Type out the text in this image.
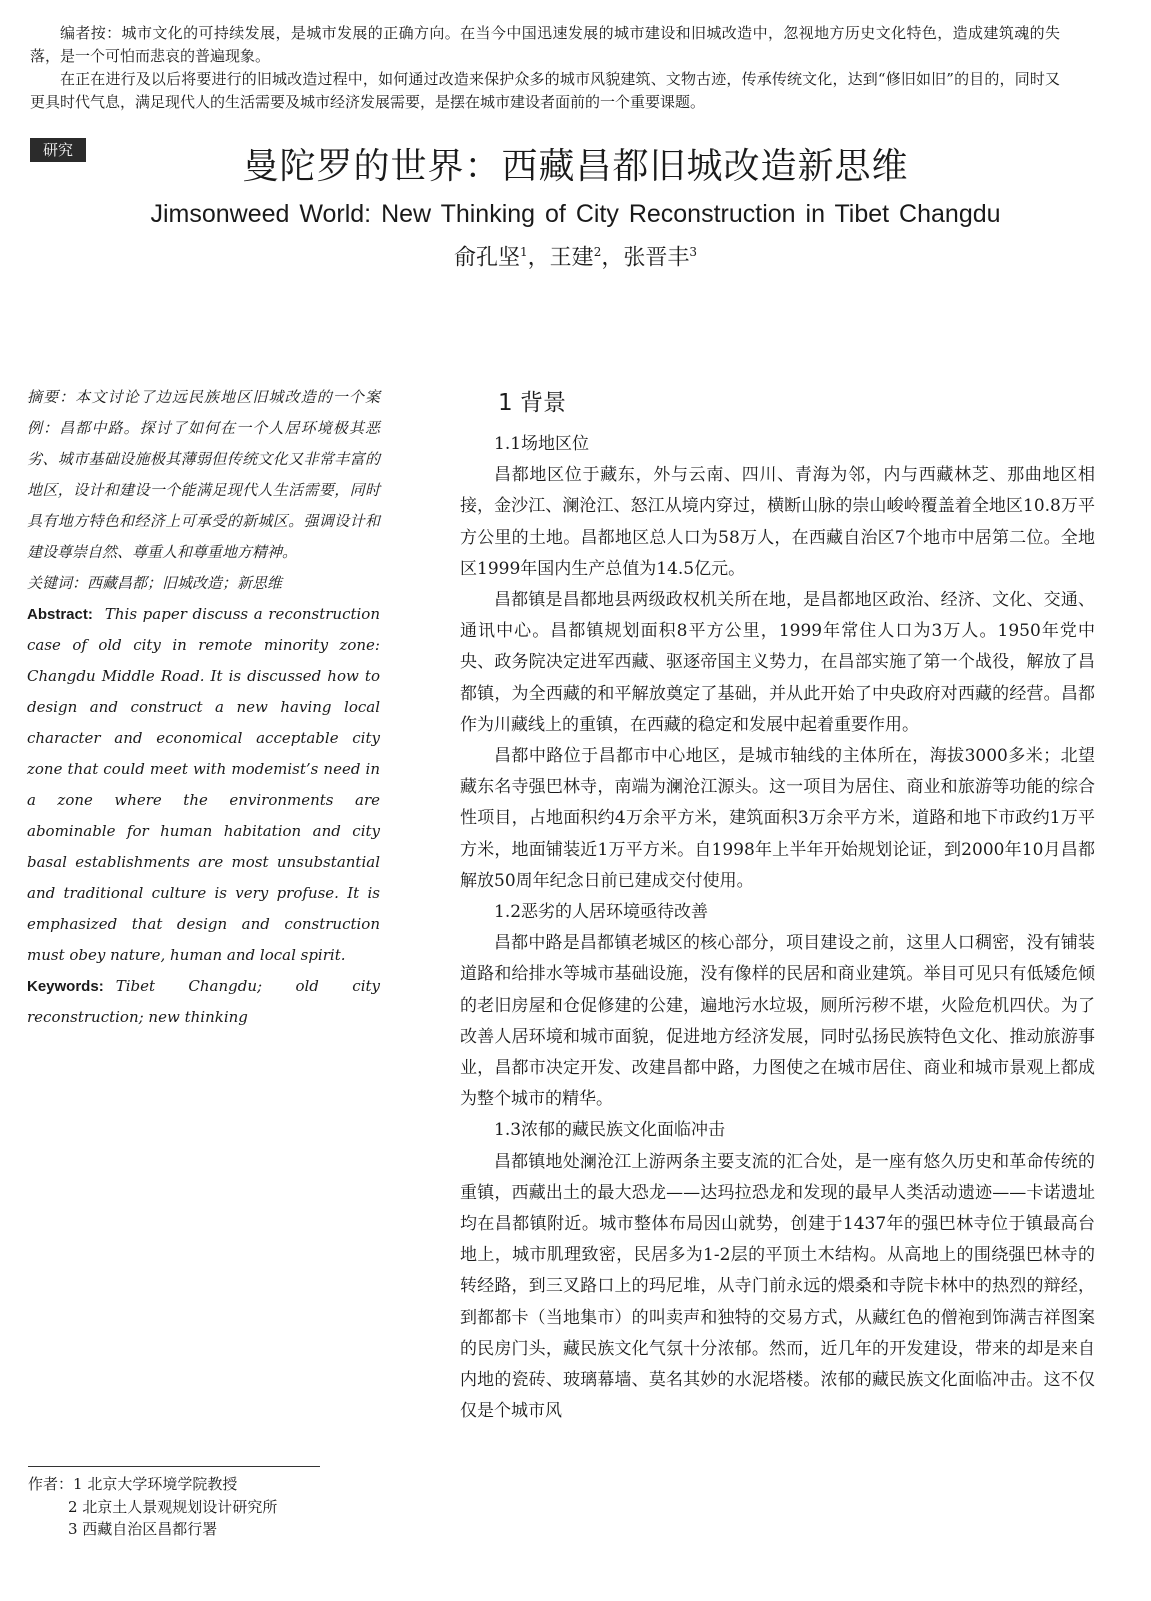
编者按：城市文化的可持续发展，是城市发展的正确方向。在当今中国迅速发展的城市建设和旧城改造中，忽视地方历史文化特色，造成建筑魂的失落，是一个可怕而悲哀的普遍现象。

在正在进行及以后将要进行的旧城改造过程中，如何通过改造来保护众多的城市风貌建筑、文物古迹，传承传统文化，达到“修旧如旧”的目的，同时又更具时代气息，满足现代人的生活需要及城市经济发展需要，是摆在城市建设者面前的一个重要课题。

研究	曼陀罗的世界：西藏昌都旧城改造新思维
Jimsonweed World: New Thinking of City Reconstruction in Tibet Changdu
俞孔坚$^1$，王建$^2$，张晋丰$^3$

摘要：本文讨论了边远民族地区旧城改造的一个案例：昌都中路。探讨了如何在一个人居环境极其恶劣、城市基础设施极其薄弱但传统文化又非常丰富的地区，设计和建设一个能满足现代人生活需要，同时具有地方特色和经济上可承受的新城区。强调设计和建设尊崇自然、尊重人和尊重地方精神。

关键词：西藏昌都；旧城改造；新思维

Abstract: This paper discuss a reconstruction case of old city in remote minority zone: Changdu Middle Road. It is discussed how to design and construct a new having local character and economical acceptable city zone that could meet with modemist’s need in a zone where the environments are abominable for human habitation and city basal establishments are most unsubstantial and traditional culture is very profuse. It is emphasized that design and construction must obey nature, human and local spirit.

Keywords: Tibet Changdu; old city reconstruction; new thinking

1 背景

1.1场地区位

昌都地区位于藏东，外与云南、四川、青海为邻，内与西藏林芝、那曲地区相接，金沙江、澜沧江、怒江从境内穿过，横断山脉的崇山峻岭覆盖着全地区10.8万平方公里的土地。昌都地区总人口为58万人，在西藏自治区7个地市中居第二位。全地区1999年国内生产总值为14.5亿元。

昌都镇是昌都地县两级政权机关所在地，是昌都地区政治、经济、文化、交通、通讯中心。昌都镇规划面积8平方公里，1999年常住人口为3万人。1950年党中央、政务院决定进军西藏、驱逐帝国主义势力，在昌部实施了第一个战役，解放了昌都镇，为全西藏的和平解放奠定了基础，并从此开始了中央政府对西藏的经营。昌都作为川藏线上的重镇，在西藏的稳定和发展中起着重要作用。

昌都中路位于昌都市中心地区，是城市轴线的主体所在，海拔3000多米；北望藏东名寺强巴林寺，南端为澜沧江源头。这一项目为居住、商业和旅游等功能的综合性项目，占地面积约4万余平方米，建筑面积3万余平方米，道路和地下市政约1万平方米，地面铺装近1万平方米。自1998年上半年开始规划论证，到2000年10月昌都解放50周年纪念日前已建成交付使用。

1.2恶劣的人居环境亟待改善

昌都中路是昌都镇老城区的核心部分，项目建设之前，这里人口稠密，没有铺装道路和给排水等城市基础设施，没有像样的民居和商业建筑。举目可见只有低矮危倾的老旧房屋和仓促修建的公建，遍地污水垃圾，厕所污秽不堪，火险危机四伏。为了改善人居环境和城市面貌，促进地方经济发展，同时弘扬民族特色文化、推动旅游事业，昌都市决定开发、改建昌都中路，力图使之在城市居住、商业和城市景观上都成为整个城市的精华。

1.3浓郁的藏民族文化面临冲击

昌都镇地处澜沧江上游两条主要支流的汇合处，是一座有悠久历史和革命传统的重镇，西藏出土的最大恐龙——达玛拉恐龙和发现的最早人类活动遗迹——卡诺遗址均在昌都镇附近。城市整体布局因山就势，创建于1437年的强巴林寺位于镇最高台地上，城市肌理致密，民居多为1-2层的平顶土木结构。从高地上的围绕强巴林寺的转经路，到三叉路口上的玛尼堆，从寺门前永远的煨桑和寺院卡林中的热烈的辩经，到都都卡（当地集市）的叫卖声和独特的交易方式，从藏红色的僧袍到饰满吉祥图案的民房门头，藏民族文化气氛十分浓郁。然而，近几年的开发建设，带来的却是来自内地的瓷砖、玻璃幕墙、莫名其妙的水泥塔楼。浓郁的藏民族文化面临冲击。这不仅仅是个城市风

作者：1 北京大学环境学院教授
2 北京土人景观规划设计研究所
3 西藏自治区昌都行署
